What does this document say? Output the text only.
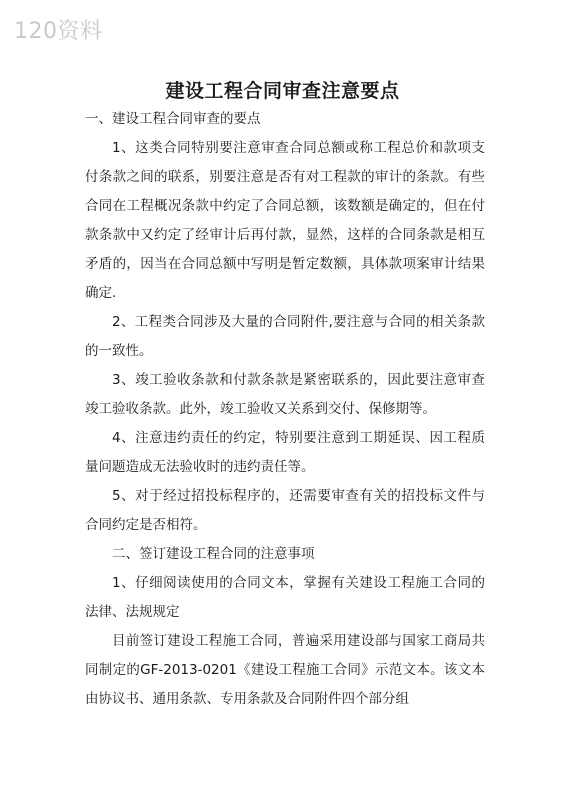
120资料
建设工程合同审查注意要点

一、建设工程合同审查的要点

1、这类合同特别要注意审查合同总额或称工程总价和款项支付条款之间的联系，别要注意是否有对工程款的审计的条款。有些合同在工程概况条款中约定了合同总额，该数额是确定的，但在付款条款中又约定了经审计后再付款，显然，这样的合同条款是相互矛盾的，因当在合同总额中写明是暂定数额，具体款项案审计结果确定.

2、工程类合同涉及大量的合同附件,要注意与合同的相关条款的一致性。

3、竣工验收条款和付款条款是紧密联系的，因此要注意审查竣工验收条款。此外，竣工验收又关系到交付、保修期等。

4、注意违约责任的约定，特别要注意到工期延误、因工程质量问题造成无法验收时的违约责任等。

5、对于经过招投标程序的，还需要审查有关的招投标文件与合同约定是否相符。

二、签订建设工程合同的注意事项

1、仔细阅读使用的合同文本，掌握有关建设工程施工合同的法律、法规规定

目前签订建设工程施工合同，普遍采用建设部与国家工商局共同制定的GF-2013-0201《建设工程施工合同》示范文本。该文本由协议书、通用条款、专用条款及合同附件四个部分组
